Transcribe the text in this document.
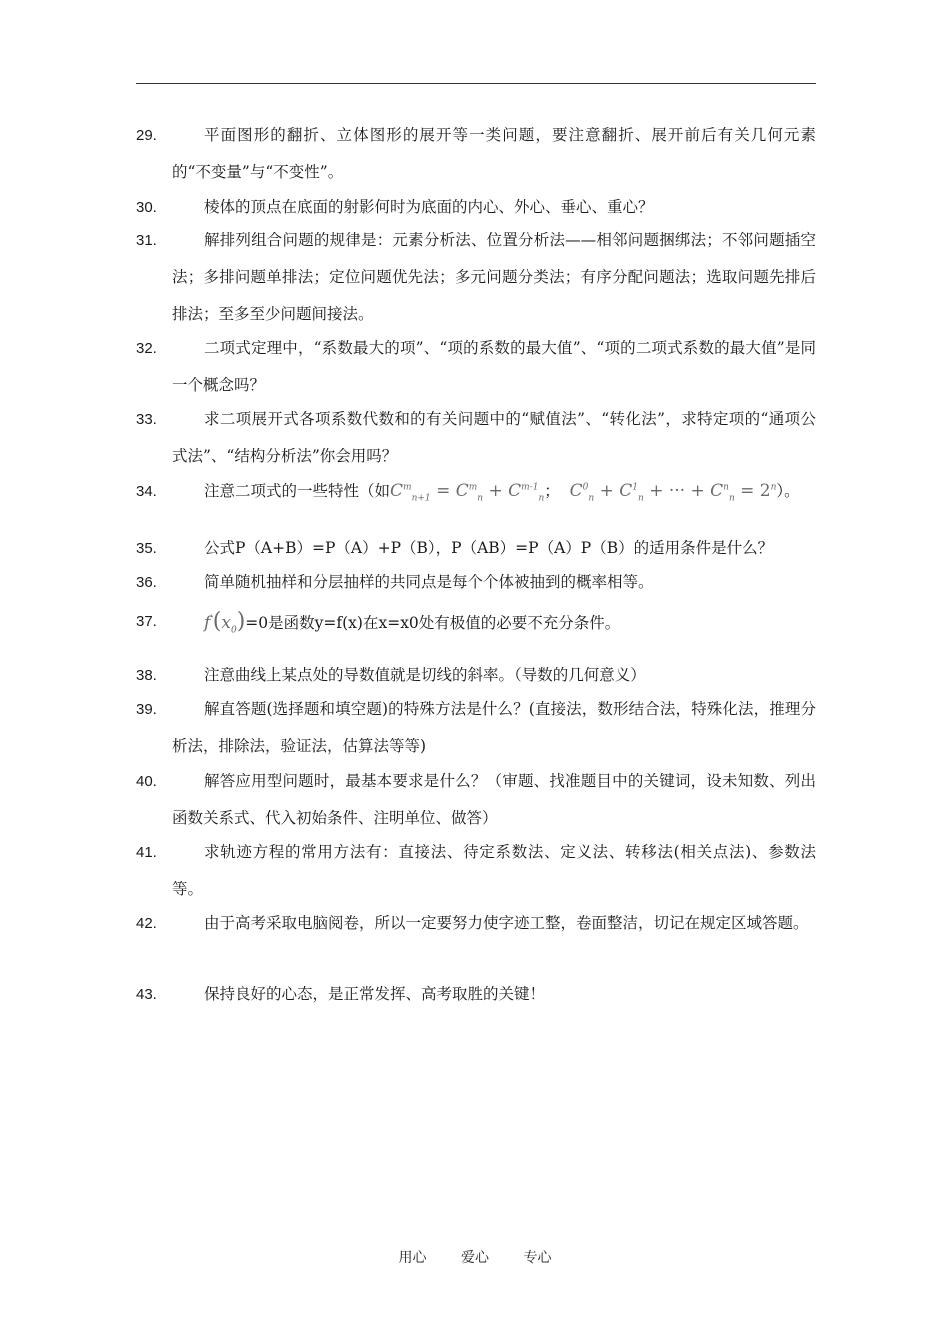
29.	平面图形的翻折、立体图形的展开等一类问题，要注意翻折、展开前后有关几何元素的“不变量”与“不变性”。
30.	棱体的顶点在底面的射影何时为底面的内心、外心、垂心、重心？
31.	解排列组合问题的规律是：元素分析法、位置分析法——相邻问题捆绑法；不邻问题插空法；多排问题单排法；定位问题优先法；多元问题分类法；有序分配问题法；选取问题先排后排法；至多至少问题间接法。
32.	二项式定理中，“系数最大的项”、“项的系数的最大值”、“项的二项式系数的最大值”是同一个概念吗？
33.	求二项展开式各项系数代数和的有关问题中的“赋值法”、“转化法”，求特定项的“通项公式法”、“结构分析法”你会用吗？
34.	注意二项式的一些特性（如$C^m_{n+1} = C^m_n + C^{m-1}_n$； $C^0_n + C^1_n$ + ··· + $C^n_n = 2^n$）。
35.	公式P（A+B）=P（A）+P（B），P（AB）=P（A）P（B）的适用条件是什么？
36.	简单随机抽样和分层抽样的共同点是每个个体被抽到的概率相等。
37.	$f'(x_0)=0$是函数y=f(x)在x=x0处有极值的必要不充分条件。
38.	注意曲线上某点处的导数值就是切线的斜率。（导数的几何意义）
39.	解直答题(选择题和填空题)的特殊方法是什么？(直接法，数形结合法，特殊化法，推理分析法，排除法，验证法，估算法等等)
40.	解答应用型问题时，最基本要求是什么？（审题、找准题目中的关键词，设未知数、列出函数关系式、代入初始条件、注明单位、做答）
41.	求轨迹方程的常用方法有：直接法、待定系数法、定义法、转移法(相关点法)、参数法等。
42.	由于高考采取电脑阅卷，所以一定要努力使字迹工整，卷面整洁，切记在规定区域答题。
43.	保持良好的心态，是正常发挥、高考取胜的关键！
用心 爱心 专心
